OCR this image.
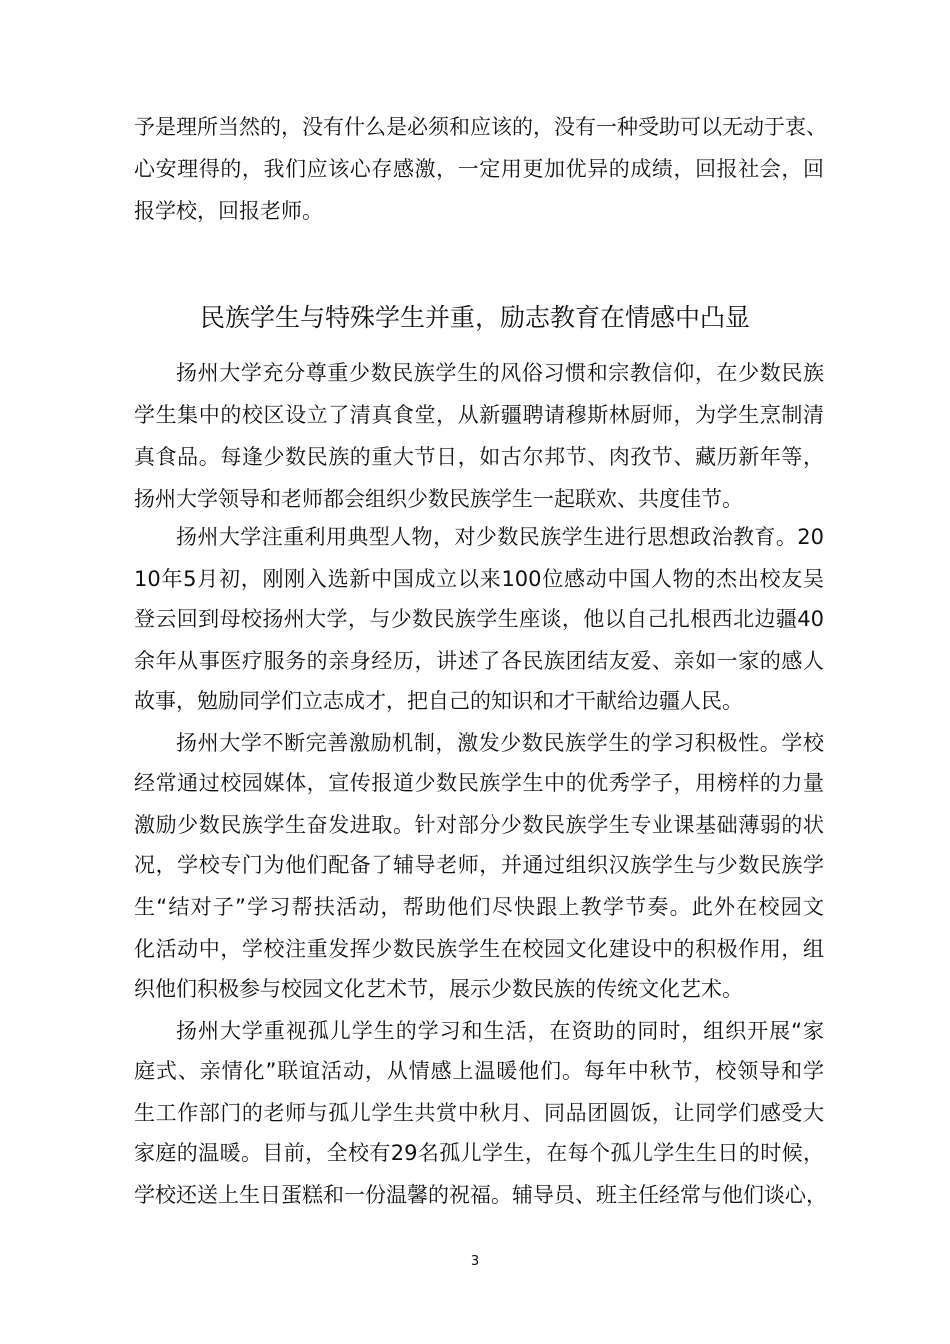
予是理所当然的，没有什么是必须和应该的，没有一种受助可以无动于衷、
心安理得的，我们应该心存感激，一定用更加优异的成绩，回报社会，回
报学校，回报老师。
民族学生与特殊学生并重，励志教育在情感中凸显
扬州大学充分尊重少数民族学生的风俗习惯和宗教信仰，在少数民族
学生集中的校区设立了清真食堂，从新疆聘请穆斯林厨师，为学生烹制清
真食品。每逢少数民族的重大节日，如古尔邦节、肉孜节、藏历新年等，
扬州大学领导和老师都会组织少数民族学生一起联欢、共度佳节。
扬州大学注重利用典型人物，对少数民族学生进行思想政治教育。20
10年5月初，刚刚入选新中国成立以来100位感动中国人物的杰出校友吴
登云回到母校扬州大学，与少数民族学生座谈，他以自己扎根西北边疆40
余年从事医疗服务的亲身经历，讲述了各民族团结友爱、亲如一家的感人
故事，勉励同学们立志成才，把自己的知识和才干献给边疆人民。
扬州大学不断完善激励机制，激发少数民族学生的学习积极性。学校
经常通过校园媒体，宣传报道少数民族学生中的优秀学子，用榜样的力量
激励少数民族学生奋发进取。针对部分少数民族学生专业课基础薄弱的状
况，学校专门为他们配备了辅导老师，并通过组织汉族学生与少数民族学
生“结对子”学习帮扶活动，帮助他们尽快跟上教学节奏。此外在校园文
化活动中，学校注重发挥少数民族学生在校园文化建设中的积极作用，组
织他们积极参与校园文化艺术节，展示少数民族的传统文化艺术。
扬州大学重视孤儿学生的学习和生活，在资助的同时，组织开展“家
庭式、亲情化”联谊活动，从情感上温暖他们。每年中秋节，校领导和学
生工作部门的老师与孤儿学生共赏中秋月、同品团圆饭，让同学们感受大
家庭的温暖。目前，全校有29名孤儿学生，在每个孤儿学生生日的时候，
学校还送上生日蛋糕和一份温馨的祝福。辅导员、班主任经常与他们谈心，
3
